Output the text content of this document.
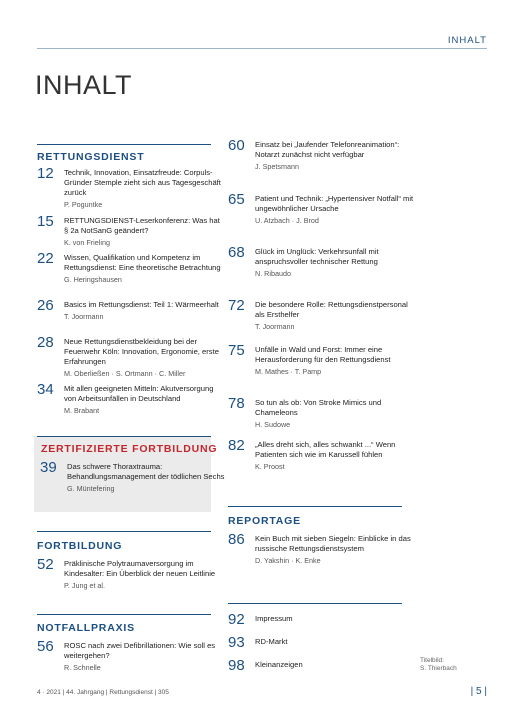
INHALT
INHALT
RETTUNGSDIENST
12 Technik, Innovation, Einsatzfreude: Corpuls-Gründer Stemple zieht sich aus Tagesgeschäft zurück
P. Poguntke
15 RETTUNGSDIENST-Leserkonferenz: Was hat § 2a NotSanG geändert?
K. von Frieling
22 Wissen, Qualifikation und Kompetenz im Rettungsdienst: Eine theoretische Betrachtung
G. Heringshausen
26 Basics im Rettungsdienst: Teil 1: Wärmeerhalt
T. Joormann
28 Neue Rettungsdienstbekleidung bei der Feuerwehr Köln: Innovation, Ergonomie, erste Erfahrungen
M. Oberließen · S. Ortmann · C. Miller
34 Mit allen geeigneten Mitteln: Akutversorgung von Arbeitsunfällen in Deutschland
M. Brabant
ZERTIFIZIERTE FORTBILDUNG
39 Das schwere Thoraxtrauma: Behandlungsmanagement der tödlichen Sechs
G. Müntefering
FORTBILDUNG
52 Präklinische Polytraumaversorgung im Kindesalter: Ein Überblick der neuen Leitlinie
P. Jung et al.
NOTFALLPRAXIS
56 ROSC nach zwei Defibrillationen: Wie soll es weitergehen?
R. Schnelle
60 Einsatz bei „laufender Telefonreanimation“: Notarzt zunächst nicht verfügbar
J. Spetsmann
65 Patient und Technik: „Hypertensiver Notfall“ mit ungewöhnlicher Ursache
U. Atzbach · J. Brod
68 Glück im Unglück: Verkehrsunfall mit anspruchsvoller technischer Rettung
N. Ribaudo
72 Die besondere Rolle: Rettungsdienstpersonal als Ersthelfer
T. Joormann
75 Unfälle in Wald und Forst: Immer eine Herausforderung für den Rettungsdienst
M. Mathes · T. Pamp
78 So tun als ob: Von Stroke Mimics und Chameleons
H. Sudowe
82 „Alles dreht sich, alles schwankt ...“ Wenn Patienten sich wie im Karussell fühlen
K. Proost
REPORTAGE
86 Kein Buch mit sieben Siegeln: Einblicke in das russische Rettungsdienstsystem
D. Yakshin · K. Enke
92 Impressum
93 RD-Markt
98 Kleinanzeigen	Titelbild:
S. Thierbach
4 · 2021 | 44. Jahrgang | Rettungsdienst | 305	| 5 |
